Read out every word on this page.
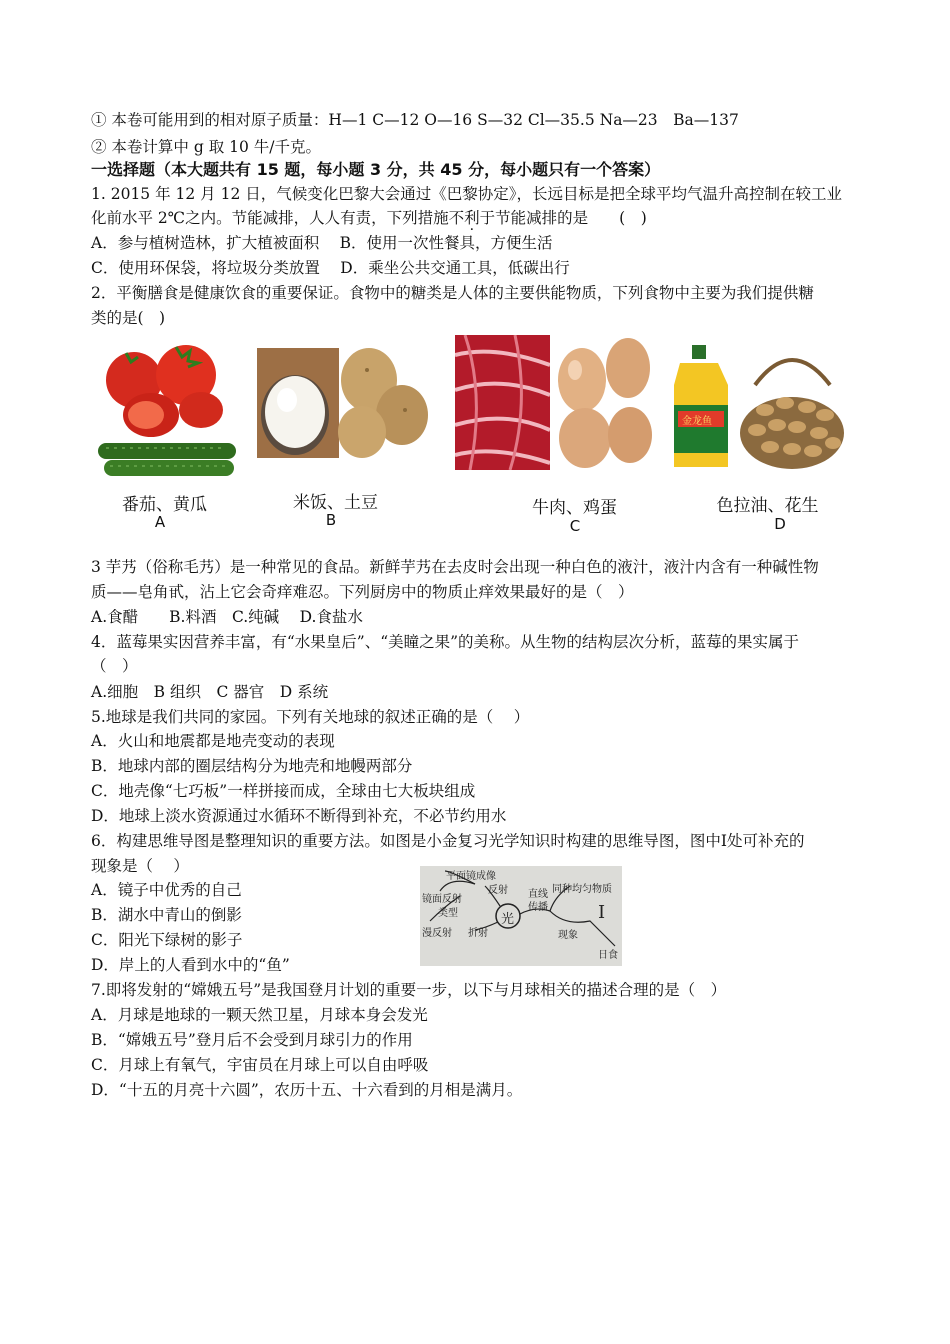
① 本卷可能用到的相对原子质量：H—1 C—12 O—16 S—32 Cl—35.5 Na—23　Ba—137
② 本卷计算中 g 取 10 牛/千克。
一选择题（本大题共有 15 题，每小题 3 分，共 45 分，每小题只有一个答案）
1. 2015 年 12 月 12 日，气候变化巴黎大会通过《巴黎协定》，长远目标是把全球平均气温升高控制在较工业
化前水平 2℃之内。节能减排，人人有责，下列措施不利于节能减排的是　　(　)
A．参与植树造林，扩大植被面积　 B．使用一次性餐具，方便生活
C．使用环保袋，将垃圾分类放置　 D．乘坐公共交通工具，低碳出行
2．平衡膳食是健康饮食的重要保证。食物中的糖类是人体的主要供能物质，下列食物中主要为我们提供糖
类的是(　)
金龙鱼
番茄、黄瓜
A
米饭、土豆
B
牛肉、鸡蛋
C
色拉油、花生
D
3 芋艿（俗称毛艿）是一种常见的食品。新鲜芋艿在去皮时会出现一种白色的液汁，液汁内含有一种碱性物
质——皂角甙，沾上它会奇痒难忍。下列厨房中的物质止痒效果最好的是（　）
A.食醋　　B.料酒　C.纯碱　 D.食盐水
4．蓝莓果实因营养丰富，有“水果皇后”、“美瞳之果”的美称。从生物的结构层次分析，蓝莓的果实属于
（　）
A.细胞　B 组织　C 器官　D 系统
5.地球是我们共同的家园。下列有关地球的叙述正确的是（　 ）
A．火山和地震都是地壳变动的表现
B．地球内部的圈层结构分为地壳和地幔两部分
C．地壳像“七巧板”一样拼接而成，全球由七大板块组成
D．地球上淡水资源通过水循环不断得到补充，不必节约用水
6．构建思维导图是整理知识的重要方法。如图是小金复习光学知识时构建的思维导图，图中Ⅰ处可补充的
现象是（　 ）
A．镜子中优秀的自己
B．湖水中青山的倒影
C．阳光下绿树的影子
D．岸上的人看到水中的“鱼”
平面镜成像
镜面反射
类型
漫反射
反射
折射
光
直线传播
同种均匀物质
现象
I
日食
7.即将发射的“嫦娥五号”是我国登月计划的重要一步，以下与月球相关的描述合理的是（　）
A．月球是地球的一颗天然卫星，月球本身会发光
B．“嫦娥五号”登月后不会受到月球引力的作用
C．月球上有氧气，宇宙员在月球上可以自由呼吸
D．“十五的月亮十六圆”，农历十五、十六看到的月相是满月。
